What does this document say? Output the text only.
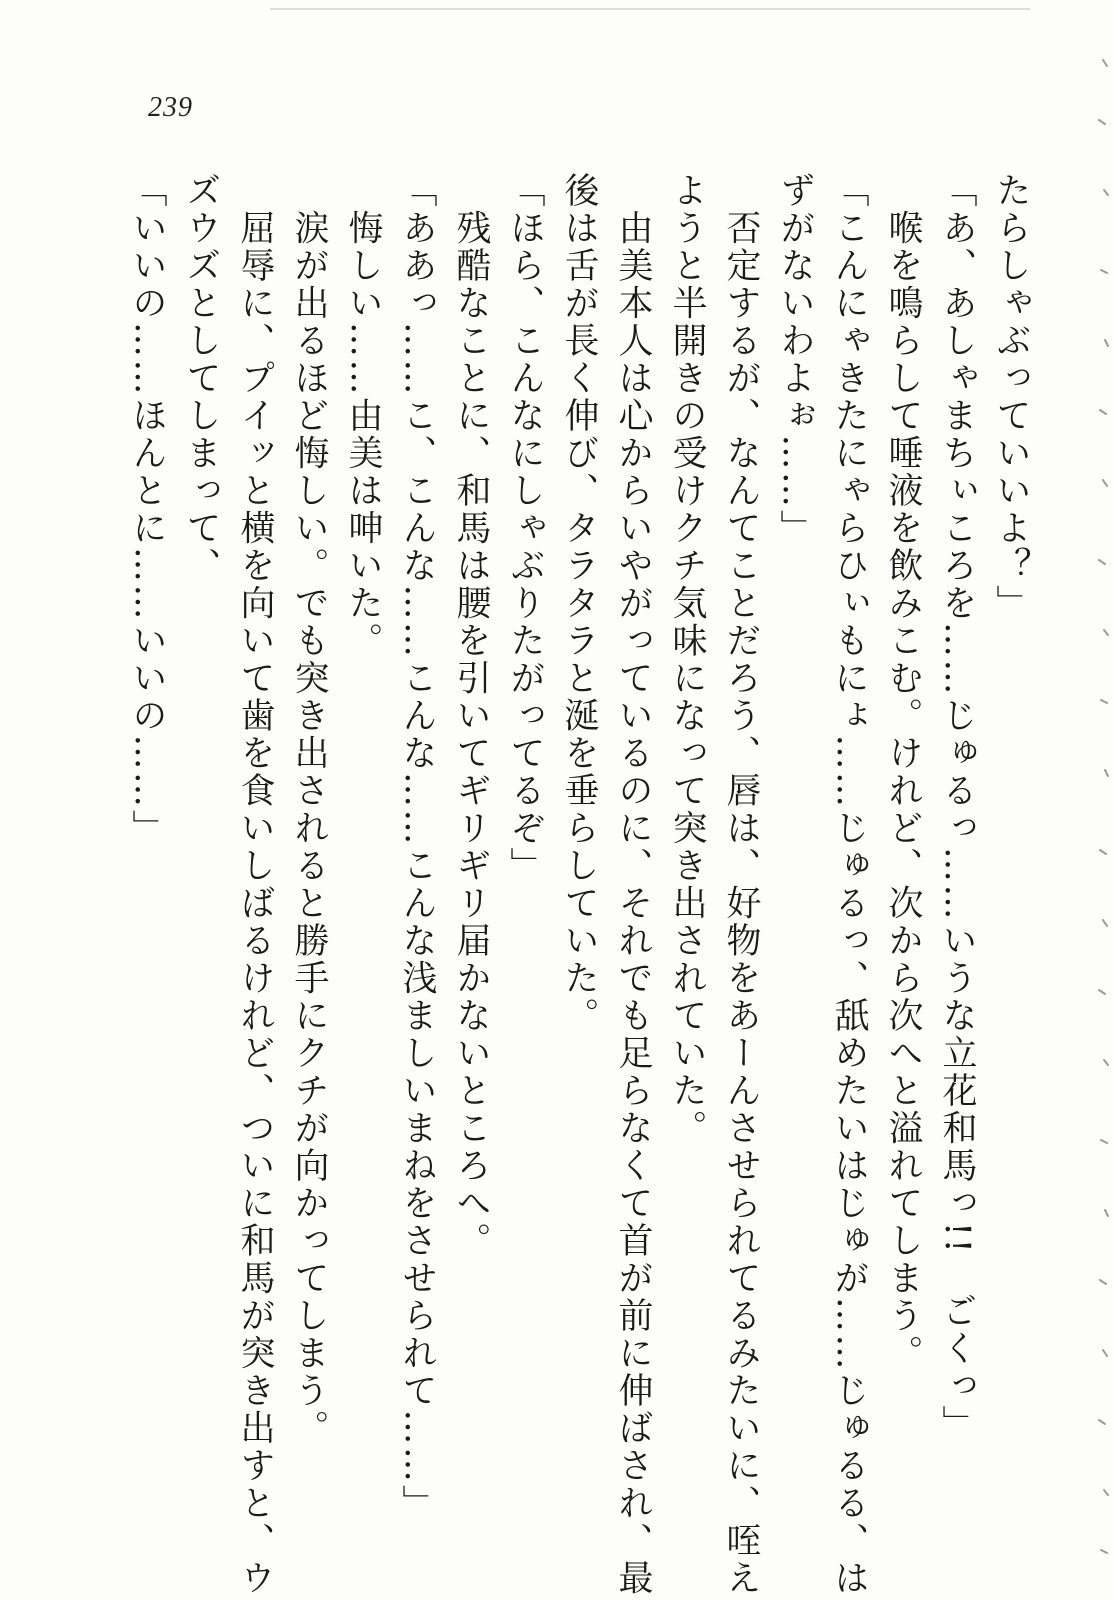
239
たらしゃぶっていいよ？」
「あ、あしゃまちぃころを……じゅるっ……いうな立花和馬っ!!　ごくっ」
　喉を鳴らして唾液を飲みこむ。けれど、次から次へと溢れてしまう。
「こんにゃきたにゃらひぃもにょ……じゅるっ、舐めたいはじゅが……じゅるる、は
ずがないわよぉ……」
　否定するが、なんてことだろう、唇は、好物をあーんさせられてるみたいに、咥え
ようと半開きの受けクチ気味になって突き出されていた。
　由美本人は心からいやがっているのに、それでも足らなくて首が前に伸ばされ、最
後は舌が長く伸び、タラタラと涎を垂らしていた。
「ほら、こんなにしゃぶりたがってるぞ」
　残酷なことに、和馬は腰を引いてギリギリ届かないところへ。
「ああっ……こ、こんな……こんな……こんな浅ましいまねをさせられて……」
　悔しい……由美は呻いた。
　涙が出るほど悔しい。でも突き出されると勝手にクチが向かってしまう。
　屈辱に、プイッと横を向いて歯を食いしばるけれど、ついに和馬が突き出すと、ウ
ズウズとしてしまって、
「いいの……ほんとに……いいの……」
